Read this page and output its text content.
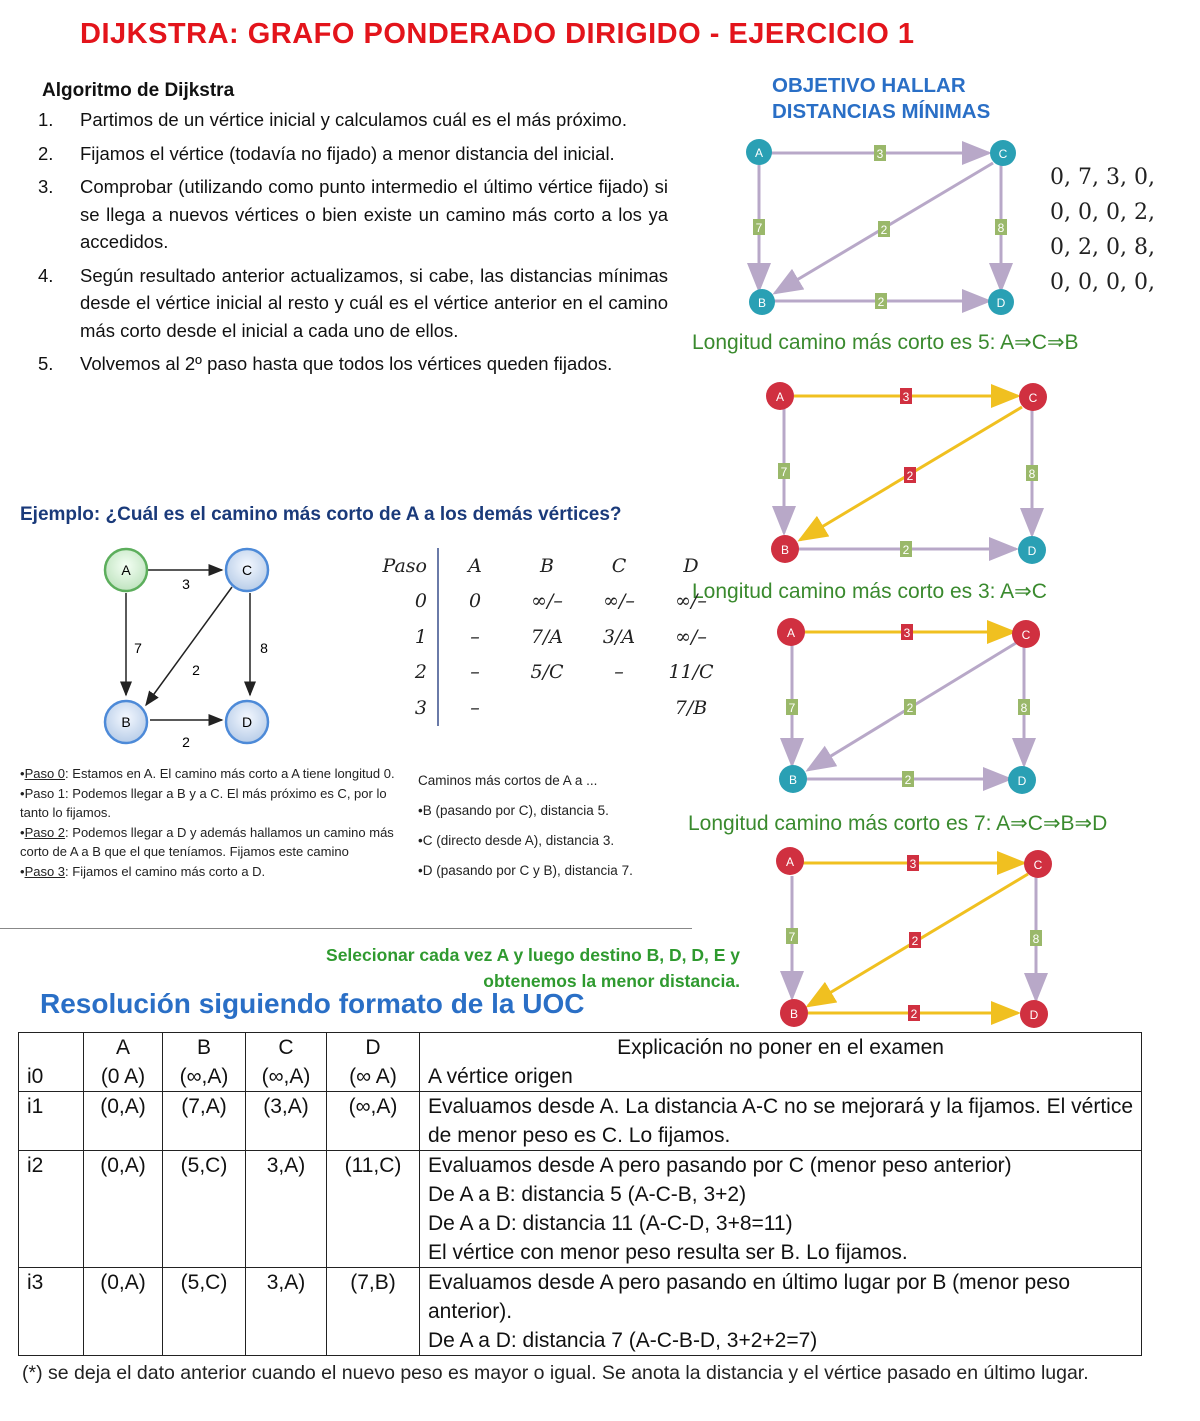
DIJKSTRA: GRAFO PONDERADO DIRIGIDO - EJERCICIO 1
Algoritmo de Dijkstra
1. Partimos de un vértice inicial y calculamos cuál es el más próximo.
2. Fijamos el vértice (todavía no fijado) a menor distancia del inicial.
3. Comprobar (utilizando como punto intermedio el último vértice fijado) si se llega a nuevos vértices o bien existe un camino más corto a los ya accedidos.
4. Según resultado anterior actualizamos, si cabe, las distancias mínimas desde el vértice inicial al resto y cuál es el vértice anterior en el camino más corto desde el inicial a cada uno de ellos.
5. Volvemos al 2º paso hasta que todos los vértices queden fijados.
OBJETIVO HALLAR
DISTANCIAS MÍNIMAS
0, 7, 3, 0,
0, 0, 0, 2,
0, 2, 0, 8,
0, 0, 0, 0,
3
7	2	8
2
A	C
B	D
Longitud camino más corto es 5: A⇒C⇒B
3
7	2	8
2
A	C
B	D
Longitud camino más corto es 3: A⇒C
3
7	2	8
2
A	C
B	D
Longitud camino más corto es 7: A⇒C⇒B⇒D
3
7	2	8
2
A	C
B	D
Ejemplo: ¿Cuál es el camino más corto de A a los demás vértices?
3
7
2
8
2
A	C
B	D
Paso	A	B	C	D
0	0	∞/–	∞/–	∞/–
1	–	7/A	3/A	∞/–
2	–	5/C	–	11/C
3	–			7/B
•Paso 0: Estamos en A. El camino más corto a A tiene longitud 0.
•Paso 1: Podemos llegar a B y a C. El más próximo es C, por lo tanto lo fijamos.
•Paso 2: Podemos llegar a D y además hallamos un camino más corto de A a B que el que teníamos. Fijamos este camino
•Paso 3: Fijamos el camino más corto a D.
Caminos más cortos de A a ...
•B (pasando por C), distancia 5.
•C (directo desde A), distancia 3.
•D (pasando por C y B), distancia 7.
Selecionar cada vez A y luego destino B, D, D, E y
obtenemos la menor distancia.
Resolución siguiendo formato de la UOC
	A	B	C	D	Explicación no poner en el examen
i0	(0 A)	(∞,A)	(∞,A)	(∞ A)	A vértice origen

i1	(0,A)	(7,A)	(3,A)	(∞,A)	Evaluamos desde A. La distancia A-C no se mejorará y la fijamos. El vértice de menor peso es C. Lo fijamos.

i2	(0,A)	(5,C)	3,A)	(11,C)	Evaluamos desde A pero pasando por C (menor peso anterior)
De A a B: distancia 5 (A-C-B, 3+2)
De A a D: distancia 11 (A-C-D, 3+8=11)
El vértice con menor peso resulta ser B. Lo fijamos.

i3	(0,A)	(5,C)	3,A)	(7,B)	Evaluamos desde A pero pasando en último lugar por B (menor peso anterior).
De A a D: distancia 7 (A-C-B-D, 3+2+2=7)
(*) se deja el dato anterior cuando el nuevo peso es mayor o igual. Se anota la distancia y el vértice pasado en último lugar.
